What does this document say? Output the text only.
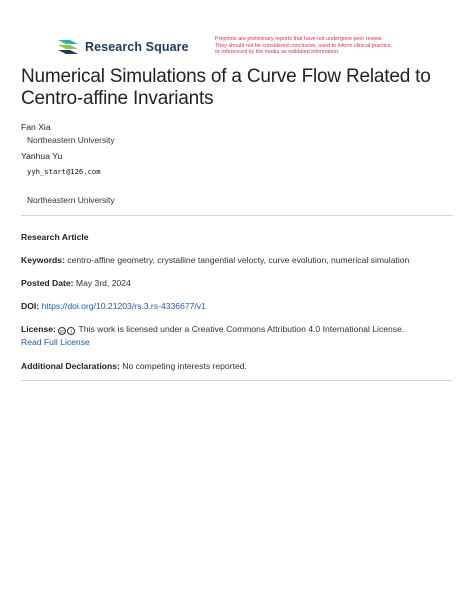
Research Square
Preprints are preliminary reports that have not undergone peer review.
They should not be considered conclusive, used to inform clinical practice,
or referenced by the media as validated information.
Numerical Simulations of a Curve Flow Related to
Centro-affine Invariants
Fan Xia
Northeastern University
Yanhua Yu
yyh_start@126.com
Northeastern University
Research Article
Keywords: centro-affine geometry, crystalline tangential velocty, curve evolution, numerical simulation
Posted Date: May 3rd, 2024
DOI: https://doi.org/10.21203/rs.3.rs-4336677/v1
License: cc i This work is licensed under a Creative Commons Attribution 4.0 International License.
Read Full License
Additional Declarations: No competing interests reported.
